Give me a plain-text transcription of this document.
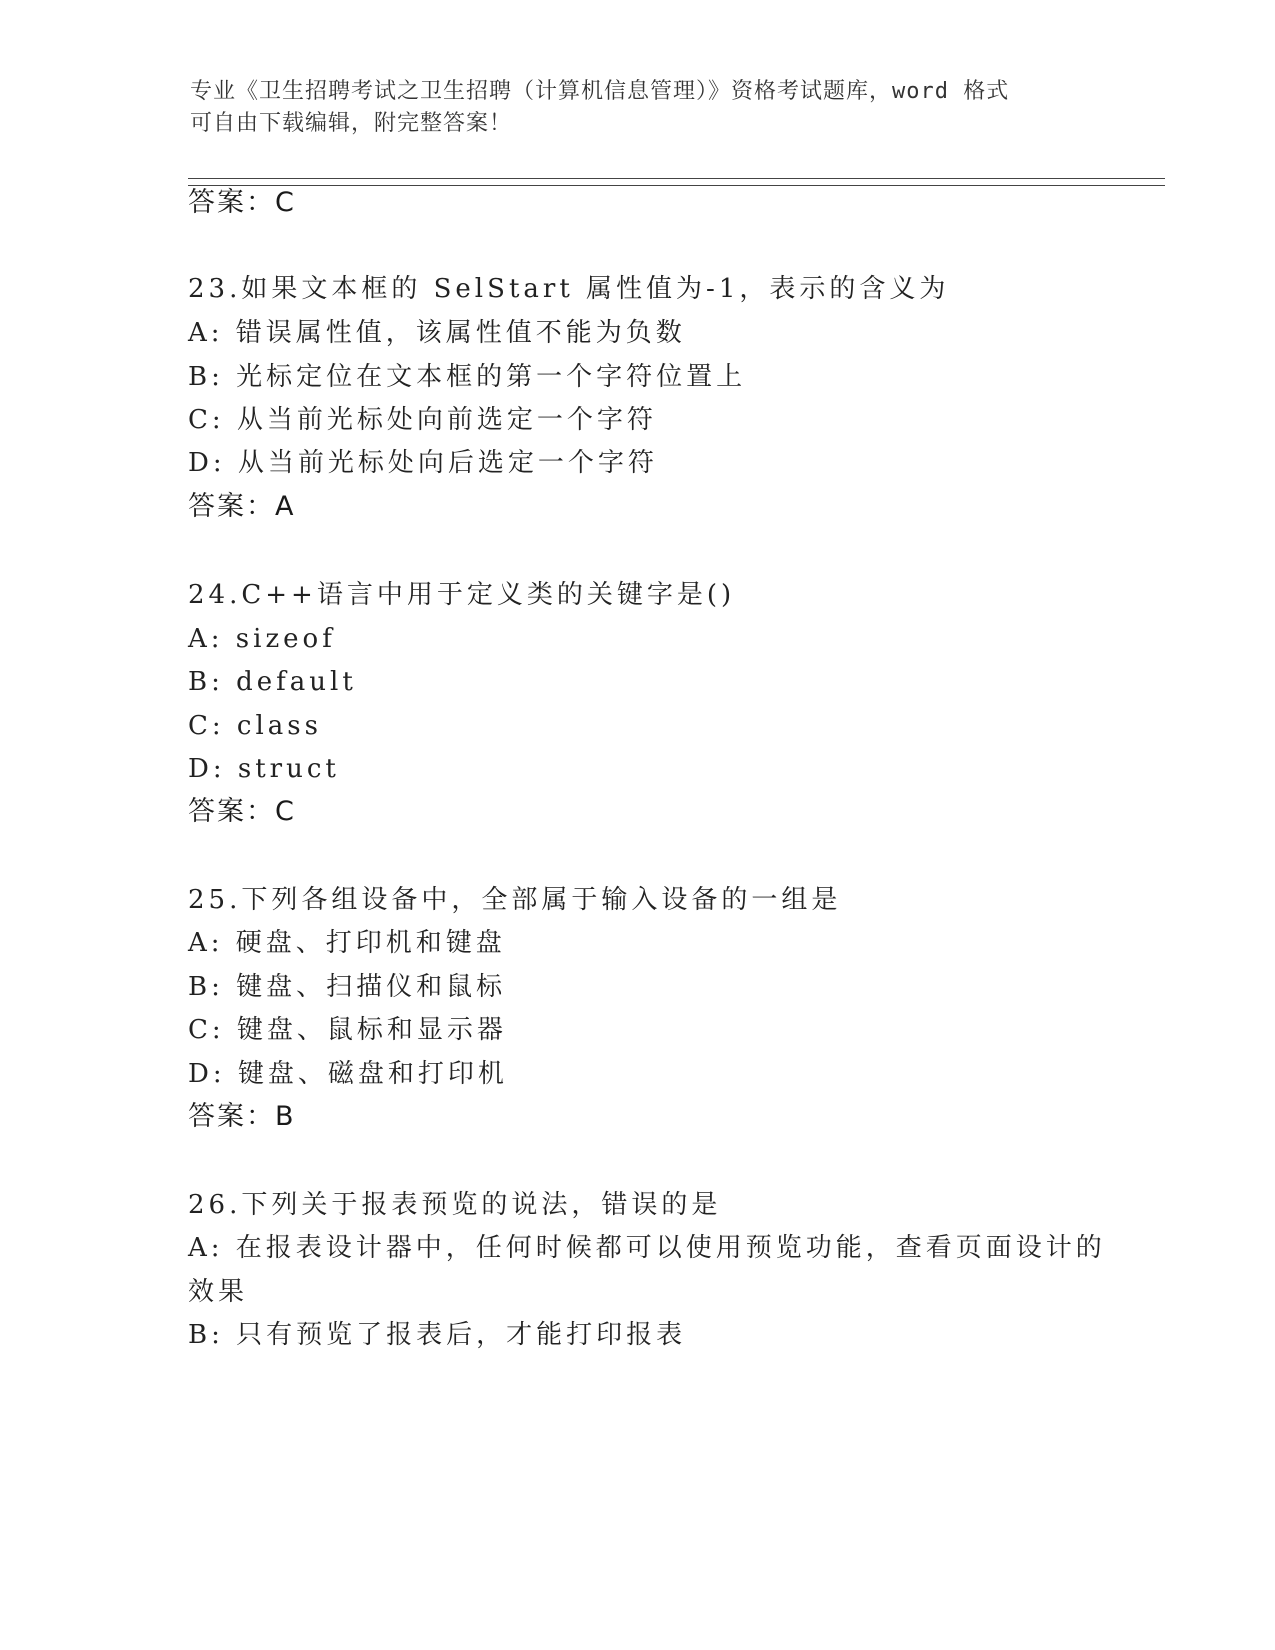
专业《卫生招聘考试之卫生招聘（计算机信息管理）》资格考试题库，word 格式
可自由下载编辑，附完整答案！
答案：C
23.如果文本框的 SelStart 属性值为-1，表示的含义为
A: 错误属性值，该属性值不能为负数
B: 光标定位在文本框的第一个字符位置上
C: 从当前光标处向前选定一个字符
D: 从当前光标处向后选定一个字符
答案：A
24.C++语言中用于定义类的关键字是()
A: sizeof
B: default
C: class
D: struct
答案：C
25.下列各组设备中，全部属于输入设备的一组是
A: 硬盘、打印机和键盘
B: 键盘、扫描仪和鼠标
C: 键盘、鼠标和显示器
D: 键盘、磁盘和打印机
答案：B
26.下列关于报表预览的说法，错误的是
A: 在报表设计器中，任何时候都可以使用预览功能，查看页面设计的
效果
B: 只有预览了报表后，才能打印报表
